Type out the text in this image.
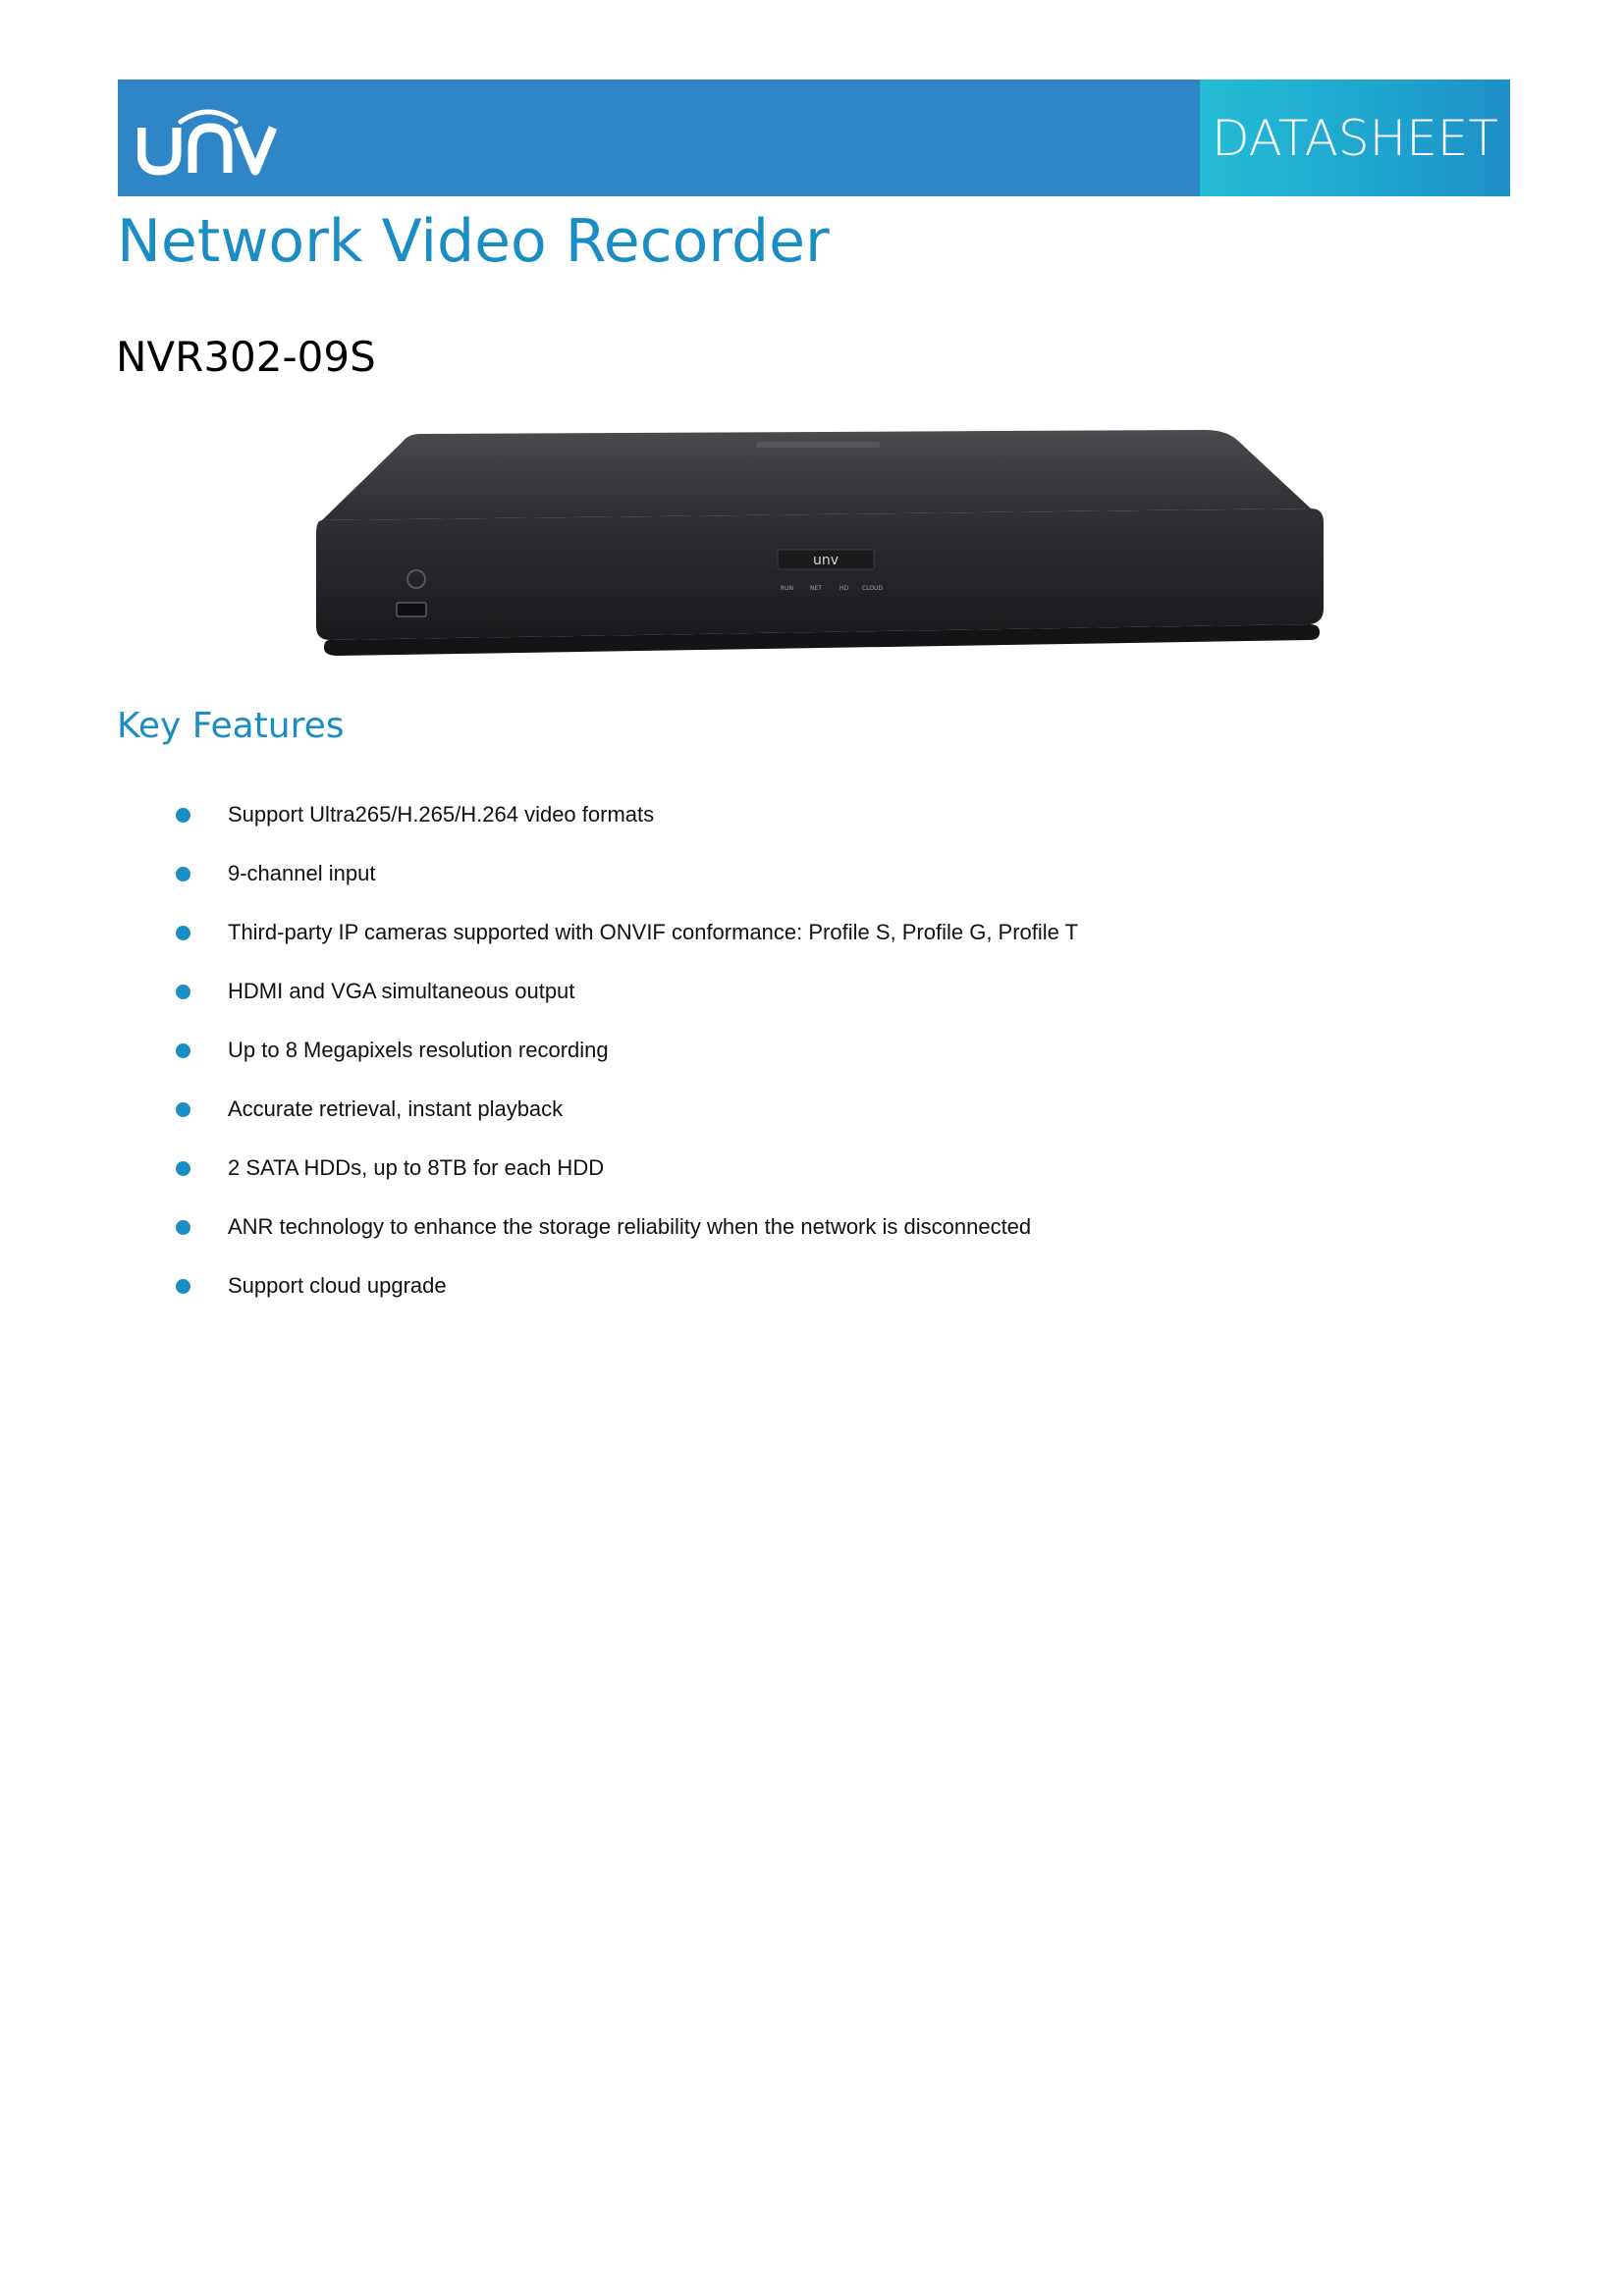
DATASHEET
Network Video Recorder
NVR302-09S
unv
RUN	NET	HD CLOUD
Key Features
Support Ultra265/H.265/H.264 video formats
9-channel input
Third-party IP cameras supported with ONVIF conformance: Profile S, Profile G, Profile T
HDMI and VGA simultaneous output
Up to 8 Megapixels resolution recording
Accurate retrieval, instant playback
2 SATA HDDs, up to 8TB for each HDD
ANR technology to enhance the storage reliability when the network is disconnected
Support cloud upgrade
